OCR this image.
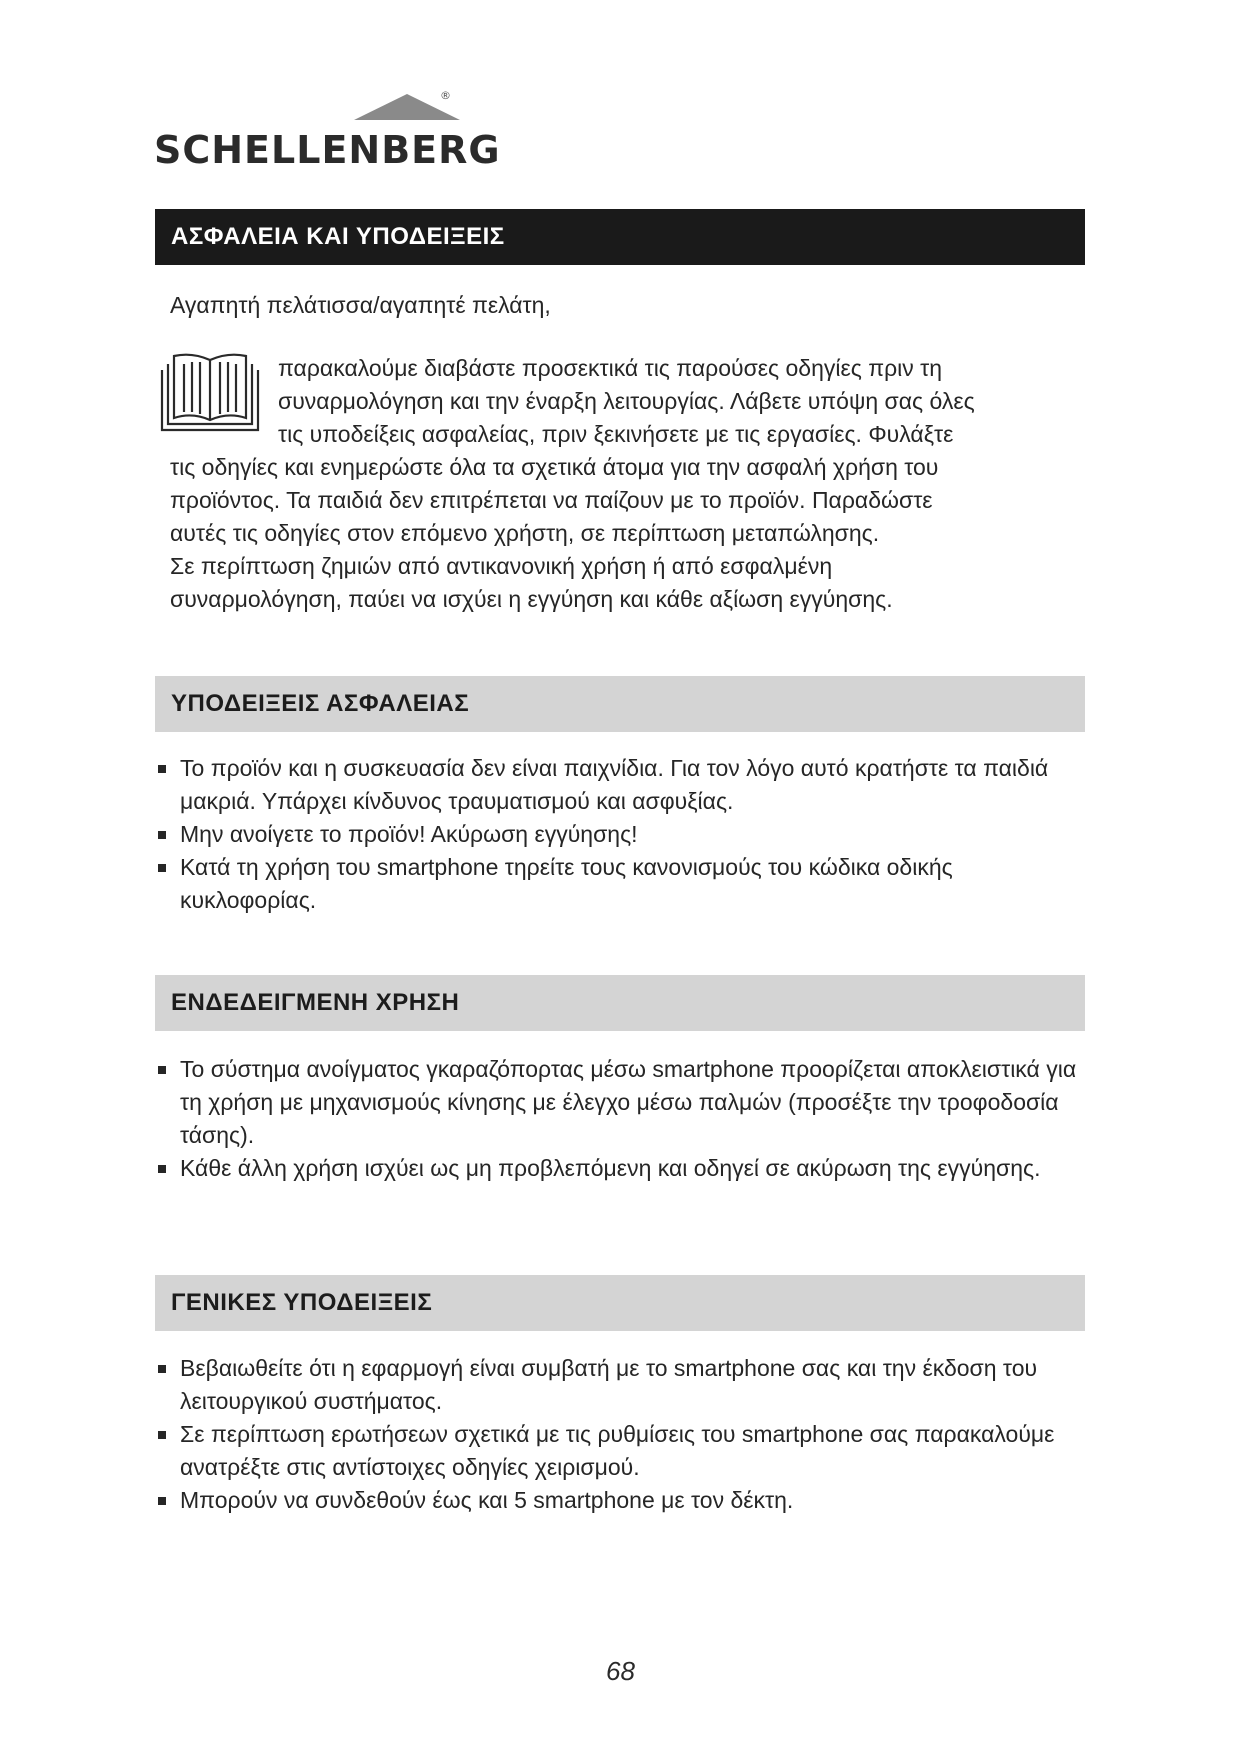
®
SCHELLENBERG
ΑΣΦΑΛΕΙΑ ΚΑΙ ΥΠΟΔΕΙΞΕΙΣ
Αγαπητή πελάτισσα/αγαπητέ πελάτη,
παρακαλούμε διαβάστε προσεκτικά τις παρούσες οδηγίες πριν τη
συναρμολόγηση και την έναρξη λειτουργίας. Λάβετε υπόψη σας όλες
τις υποδείξεις ασφαλείας, πριν ξεκινήσετε με τις εργασίες. Φυλάξτε
τις οδηγίες και ενημερώστε όλα τα σχετικά άτομα για την ασφαλή χρήση του
προϊόντος. Τα παιδιά δεν επιτρέπεται να παίζουν με το προϊόν. Παραδώστε
αυτές τις οδηγίες στον επόμενο χρήστη, σε περίπτωση μεταπώλησης.
Σε περίπτωση ζημιών από αντικανονική χρήση ή από εσφαλμένη
συναρμολόγηση, παύει να ισχύει η εγγύηση και κάθε αξίωση εγγύησης.
ΥΠΟΔΕΙΞΕΙΣ ΑΣΦΑΛΕΙΑΣ
Το προϊόν και η συσκευασία δεν είναι παιχνίδια. Για τον λόγο αυτό κρατήστε τα παιδιά μακριά. Υπάρχει κίνδυνος τραυματισμού και ασφυξίας.
Μην ανοίγετε το προϊόν! Ακύρωση εγγύησης!
Κατά τη χρήση του smartphone τηρείτε τους κανονισμούς του κώδικα οδικής κυκλοφορίας.
ΕΝΔΕΔΕΙΓΜΕΝΗ ΧΡΗΣΗ
Το σύστημα ανοίγματος γκαραζόπορτας μέσω smartphone προορίζεται αποκλειστικά για τη χρήση με μηχανισμούς κίνησης με έλεγχο μέσω παλμών (προσέξτε την τροφοδοσία τάσης).
Κάθε άλλη χρήση ισχύει ως μη προβλεπόμενη και οδηγεί σε ακύρωση της εγγύησης.
ΓΕΝΙΚΕΣ ΥΠΟΔΕΙΞΕΙΣ
Βεβαιωθείτε ότι η εφαρμογή είναι συμβατή με το smartphone σας και την έκδοση του λειτουργικού συστήματος.
Σε περίπτωση ερωτήσεων σχετικά με τις ρυθμίσεις του smartphone σας παρακαλούμε ανατρέξτε στις αντίστοιχες οδηγίες χειρισμού.
Μπορούν να συνδεθούν έως και 5 smartphone με τον δέκτη.
68
